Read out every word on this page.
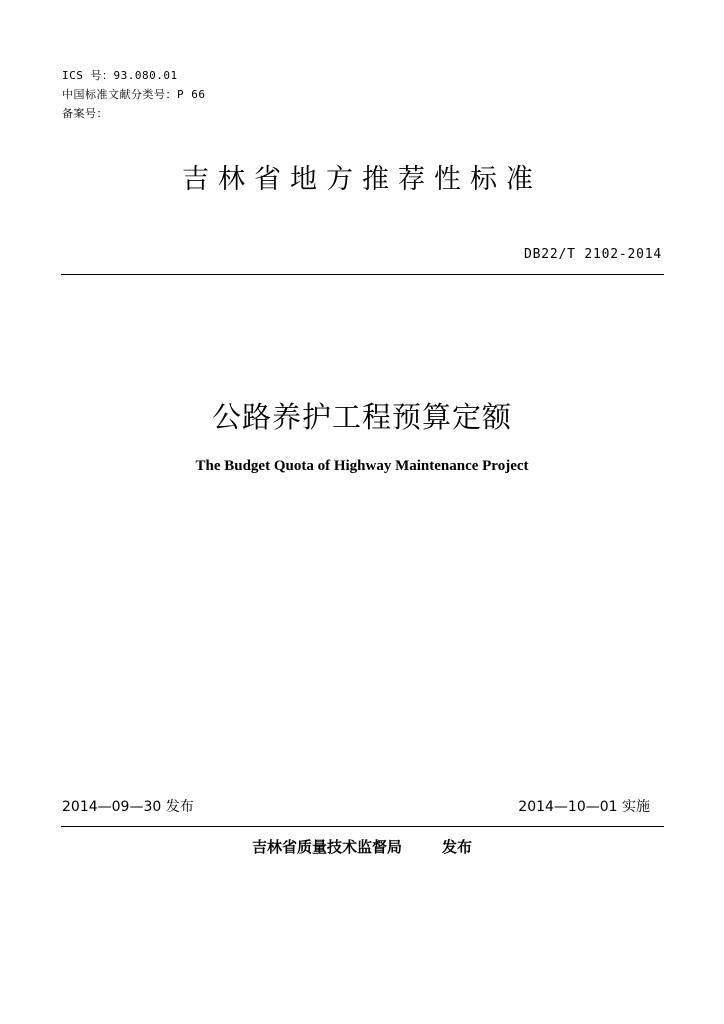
ICS 号：93.080.01
中国标准文献分类号：P 66
备案号：
吉林省地方推荐性标准
DB22/T 2102-2014
公路养护工程预算定额
The Budget Quota of Highway Maintenance Project
2014—09—30 发布	2014—10—01 实施
吉林省质量技术监督局	发布
